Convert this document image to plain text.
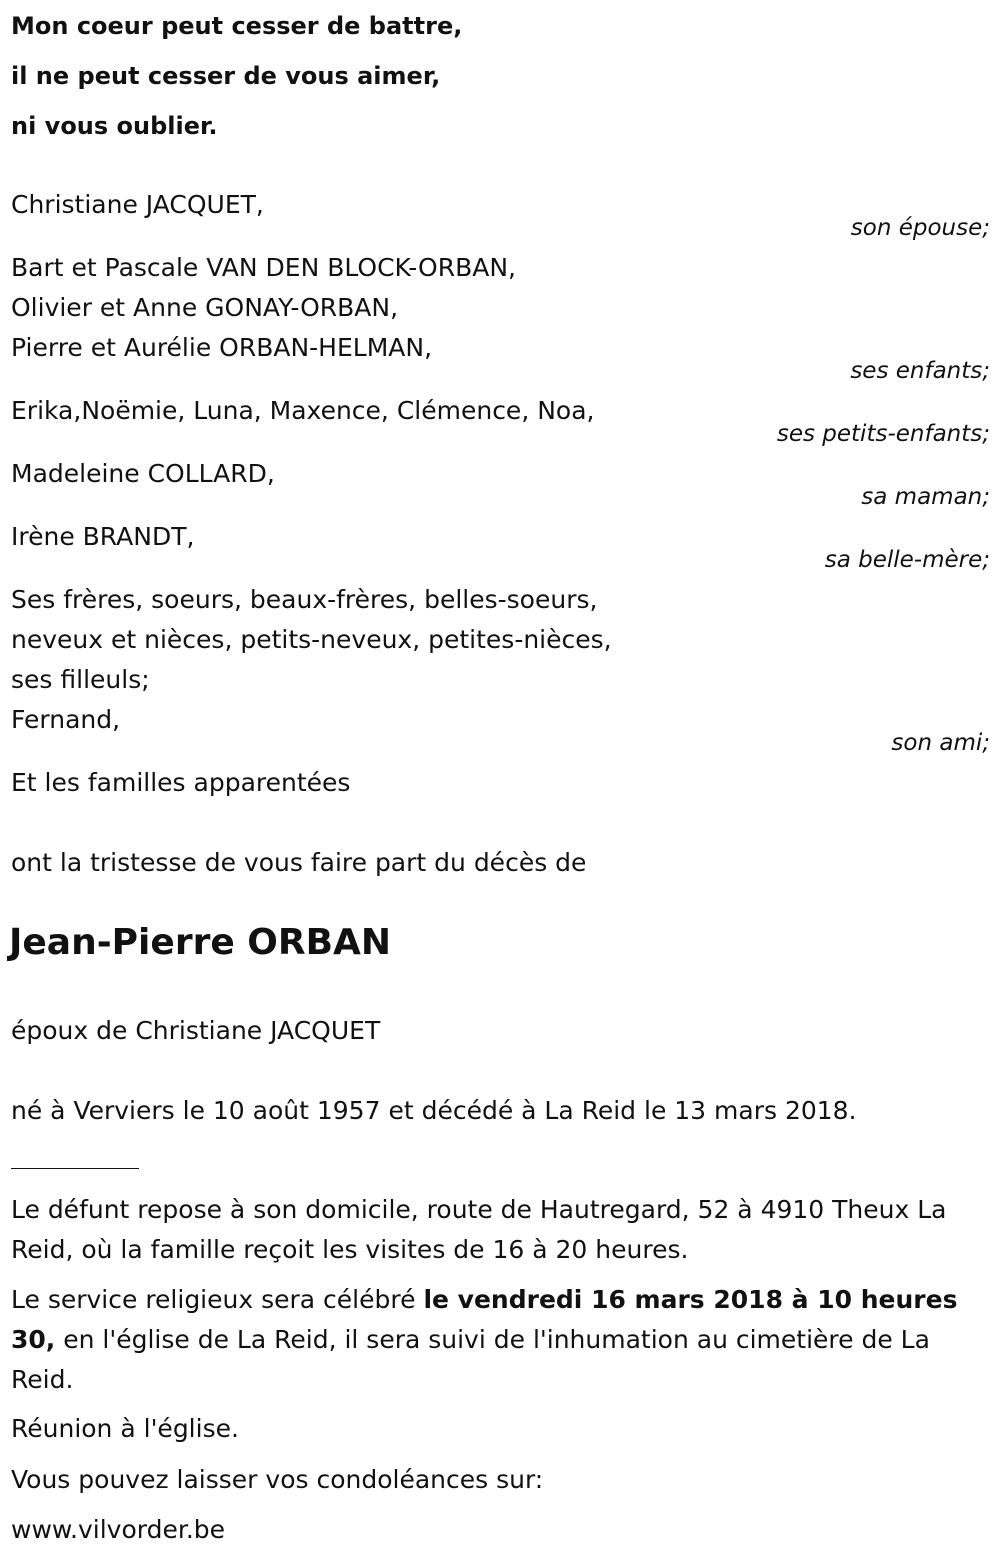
Mon coeur peut cesser de battre,
il ne peut cesser de vous aimer,
ni vous oublier.
Christiane JACQUET,
son épouse;
Bart et Pascale VAN DEN BLOCK-ORBAN,
Olivier et Anne GONAY-ORBAN,
Pierre et Aurélie ORBAN-HELMAN,
ses enfants;
Erika,Noëmie, Luna, Maxence, Clémence, Noa,
ses petits-enfants;
Madeleine COLLARD,
sa maman;
Irène BRANDT,
sa belle-mère;
Ses frères, soeurs, beaux-frères, belles-soeurs,
neveux et nièces, petits-neveux, petites-nièces,
ses filleuls;
Fernand,
son ami;
Et les familles apparentées
ont la tristesse de vous faire part du décès de
Jean-Pierre ORBAN
époux de Christiane JACQUET
né à Verviers le 10 août 1957 et décédé à La Reid le 13 mars 2018.
Le défunt repose à son domicile, route de Hautregard, 52 à 4910 Theux La Reid, où la famille reçoit les visites de 16 à 20 heures.
Le service religieux sera célébré le vendredi 16 mars 2018 à 10 heures 30, en l'église de La Reid, il sera suivi de l'inhumation au cimetière de La Reid.
Réunion à l'église.
Vous pouvez laisser vos condoléances sur:
www.vilvorder.be
